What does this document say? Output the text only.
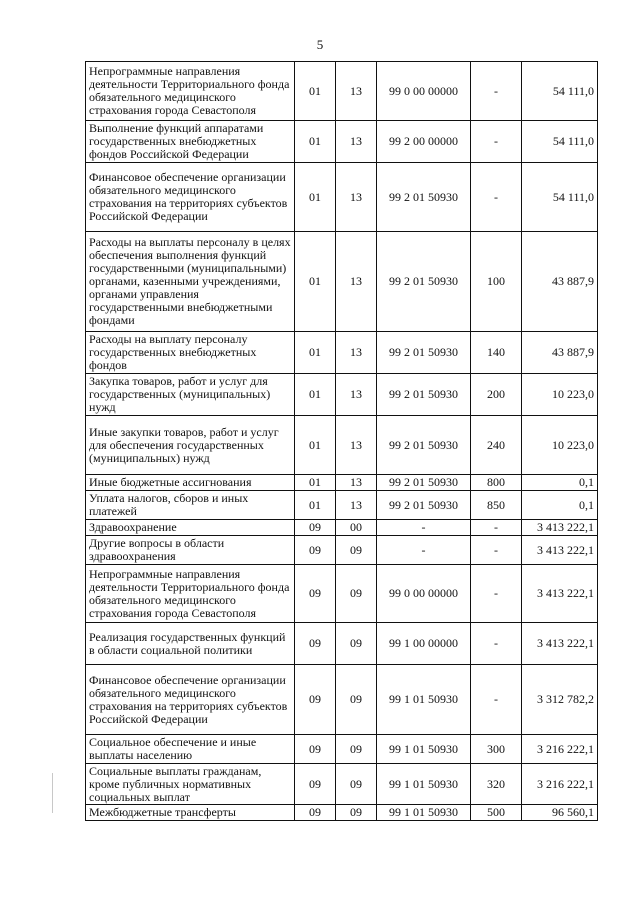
5
Непрограммные направления деятельности Территориального фонда обязательного медицинского страхования города Севастополя	01	13	99 0 00 00000	-	54 111,0
Выполнение функций аппаратами государственных внебюджетных фондов Российской Федерации	01	13	99 2 00 00000	-	54 111,0
Финансовое обеспечение организации обязательного медицинского страхования на территориях субъектов Российской Федерации	01	13	99 2 01 50930	-	54 111,0
Расходы на выплаты персоналу в целях обеспечения выполнения функций государственными (муниципальными) органами, казенными учреждениями, органами управления государственными внебюджетными фондами	01	13	99 2 01 50930	100	43 887,9
Расходы на выплату персоналу государственных внебюджетных фондов	01	13	99 2 01 50930	140	43 887,9
Закупка товаров, работ и услуг для государственных (муниципальных) нужд	01	13	99 2 01 50930	200	10 223,0
Иные закупки товаров, работ и услуг для обеспечения государственных (муниципальных) нужд	01	13	99 2 01 50930	240	10 223,0
Иные бюджетные ассигнования	01	13	99 2 01 50930	800	0,1
Уплата налогов, сборов и иных платежей	01	13	99 2 01 50930	850	0,1
Здравоохранение	09	00	-	-	3 413 222,1
Другие вопросы в области здравоохранения	09	09	-	-	3 413 222,1
Непрограммные направления деятельности Территориального фонда обязательного медицинского страхования города Севастополя	09	09	99 0 00 00000	-	3 413 222,1
Реализация государственных функций в области социальной политики	09	09	99 1 00 00000	-	3 413 222,1
Финансовое обеспечение организации обязательного медицинского страхования на территориях субъектов Российской Федерации	09	09	99 1 01 50930	-	3 312 782,2
Социальное обеспечение и иные выплаты населению	09	09	99 1 01 50930	300	3 216 222,1
Социальные выплаты гражданам, кроме публичных нормативных социальных выплат	09	09	99 1 01 50930	320	3 216 222,1
Межбюджетные трансферты	09	09	99 1 01 50930	500	96 560,1
